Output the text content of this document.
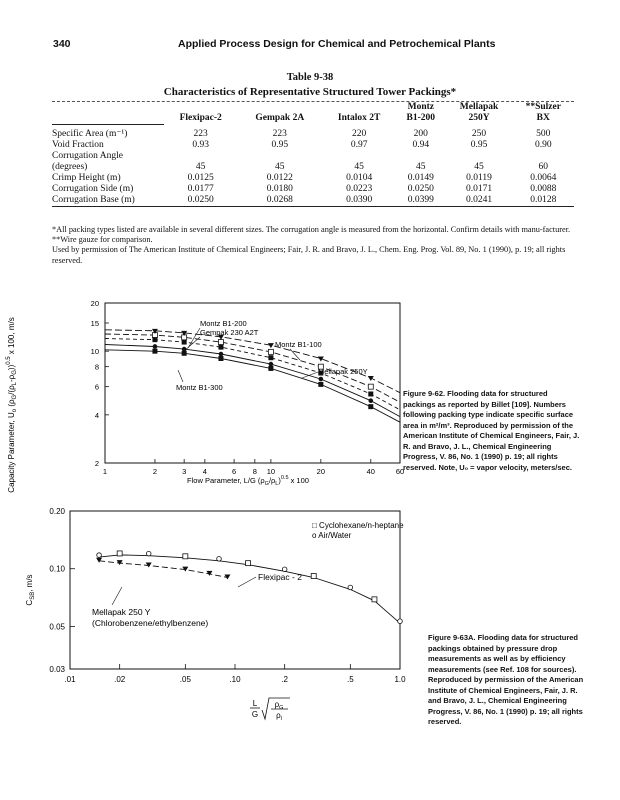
340	Applied Process Design for Chemical and Petrochemical Plants
Table 9-38
Characteristics of Representative Structured Tower Packings*
				Montz	Mellapak	**Sulzer
	Flexipac-2	Gempak 2A	Intalox 2T	B1-200	250Y	BX

Specific Area (m⁻¹)	223	223	220	200	250	500
Void Fraction	0.93	0.95	0.97	0.94	0.95	0.90
Corrugation Angle						
(degrees)	45	45	45	45	45	60
Crimp Height (m)	0.0125	0.0122	0.0104	0.0149	0.0119	0.0064
Corrugation Side (m)	0.0177	0.0180	0.0223	0.0250	0.0171	0.0088
Corrugation Base (m)	0.0250	0.0268	0.0390	0.0399	0.0241	0.0128

*All packing types listed are available in several different sizes. The corrugation angle is measured from the horizontal. Confirm details with manu-facturer.

**Wire gauze for comparison.

Used by permission of The American Institute of Chemical Engineers; Fair, J. R. and Bravo, J. L., Chem. Eng. Prog. Vol. 89, No. 1 (1990), p. 19; all rights reserved.

1	2	3 4	6 8 10	20	40	60
2
4
6
8
10
15
20
Montz B1-200
Gempak 230 A2T
Montz B1-100
Mellapak 250Y
Montz B1-300
Capacity Parameter, $U_o$ $(\rho_G/(\rho_L-\rho_G))^{0.5}$ x 100, m/s
Flow Parameter, L/G $(\rho_G/\rho_L)^{0.5}$ x 100
Figure 9-62. Flooding data for structured packings as reported by Billet [109]. Numbers following packing type indicate specific surface area in m²/m³. Reproduced by permission of the American Institute of Chemical Engineers, Fair, J. R. and Bravo, J. L., Chemical Engineering Progress, V. 86, No. 1 (1990) p. 19; all rights reserved. Note, U₀ = vapor velocity, meters/sec.
.01	.02	.05	.10	.2	.5	1.0
0.03
0.05
0.10
0.20
□ Cyclohexane/n-heptane
o Air/Water
Flexipac - 2
Mellapak 250 Y
(Chlorobenzene/ethylbenzene)
$C_{SB}$, m/s
L
G
$\rho_G$
$\rho_l$
Figure 9-63A. Flooding data for structured packings obtained by pressure drop measurements as well as by efficiency measurements (see Ref. 108 for sources). Reproduced by permission of the American Institute of Chemical Engineers, Fair, J. R. and Bravo, J. L., Chemical Engineering Progress, V. 86, No. 1 (1990) p. 19; all rights reserved.
